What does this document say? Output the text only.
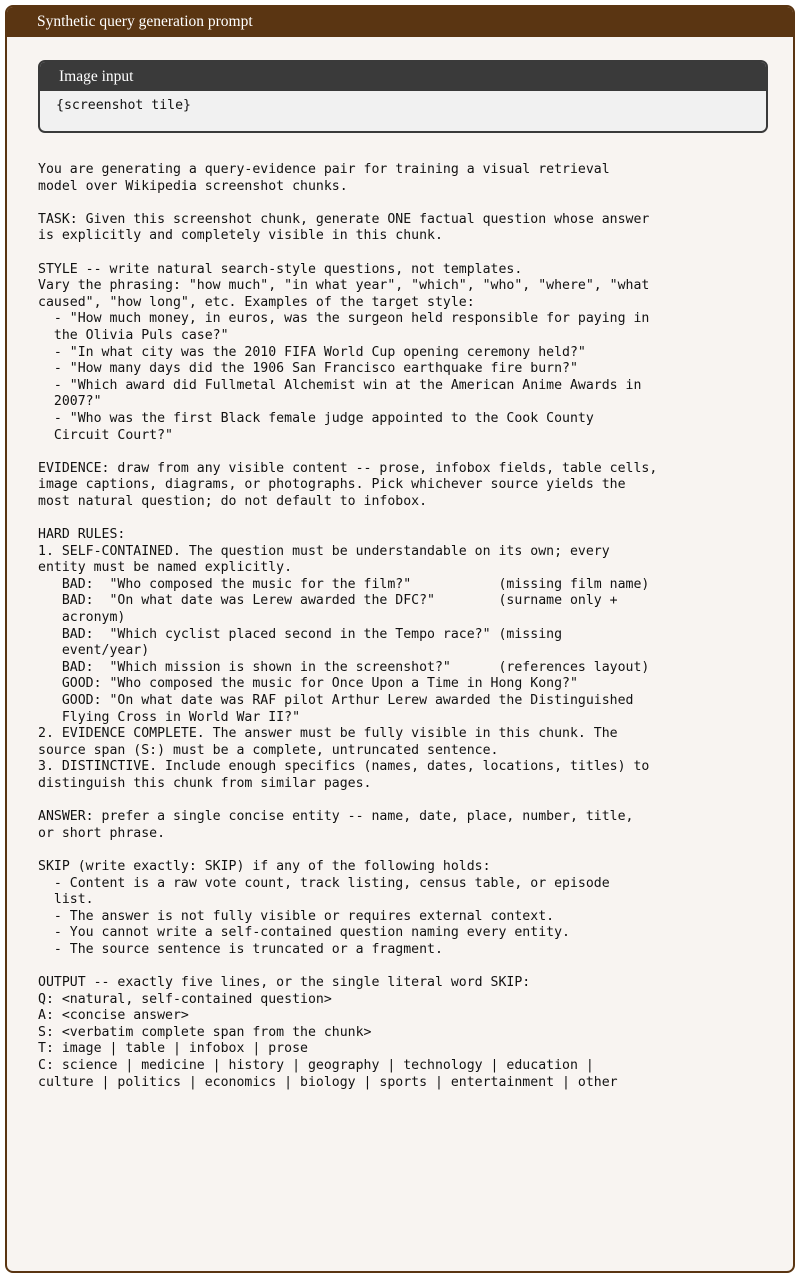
Synthetic query generation prompt
Image input
{screenshot tile}
You are generating a query-evidence pair for training a visual retrieval
model over Wikipedia screenshot chunks.

TASK: Given this screenshot chunk, generate ONE factual question whose answer
is explicitly and completely visible in this chunk.

STYLE -- write natural search-style questions, not templates.
Vary the phrasing: "how much", "in what year", "which", "who", "where", "what
caused", "how long", etc. Examples of the target style:
- "How much money, in euros, was the surgeon held responsible for paying in
the Olivia Puls case?"
- "In what city was the 2010 FIFA World Cup opening ceremony held?"
- "How many days did the 1906 San Francisco earthquake fire burn?"
- "Which award did Fullmetal Alchemist win at the American Anime Awards in
2007?"
- "Who was the first Black female judge appointed to the Cook County
Circuit Court?"

EVIDENCE: draw from any visible content -- prose, infobox fields, table cells,
image captions, diagrams, or photographs. Pick whichever source yields the
most natural question; do not default to infobox.

HARD RULES:
1. SELF-CONTAINED. The question must be understandable on its own; every
entity must be named explicitly.
BAD:  "Who composed the music for the film?"           (missing film name)
BAD:  "On what date was Lerew awarded the DFC?"        (surname only +
acronym)
BAD:  "Which cyclist placed second in the Tempo race?" (missing
event/year)
BAD:  "Which mission is shown in the screenshot?"      (references layout)
GOOD: "Who composed the music for Once Upon a Time in Hong Kong?"
GOOD: "On what date was RAF pilot Arthur Lerew awarded the Distinguished
Flying Cross in World War II?"
2. EVIDENCE COMPLETE. The answer must be fully visible in this chunk. The
source span (S:) must be a complete, untruncated sentence.
3. DISTINCTIVE. Include enough specifics (names, dates, locations, titles) to
distinguish this chunk from similar pages.

ANSWER: prefer a single concise entity -- name, date, place, number, title,
or short phrase.

SKIP (write exactly: SKIP) if any of the following holds:
- Content is a raw vote count, track listing, census table, or episode
list.
- The answer is not fully visible or requires external context.
- You cannot write a self-contained question naming every entity.
- The source sentence is truncated or a fragment.

OUTPUT -- exactly five lines, or the single literal word SKIP:
Q: <natural, self-contained question>
A: <concise answer>
S: <verbatim complete span from the chunk>
T: image | table | infobox | prose
C: science | medicine | history | geography | technology | education |
culture | politics | economics | biology | sports | entertainment | other
